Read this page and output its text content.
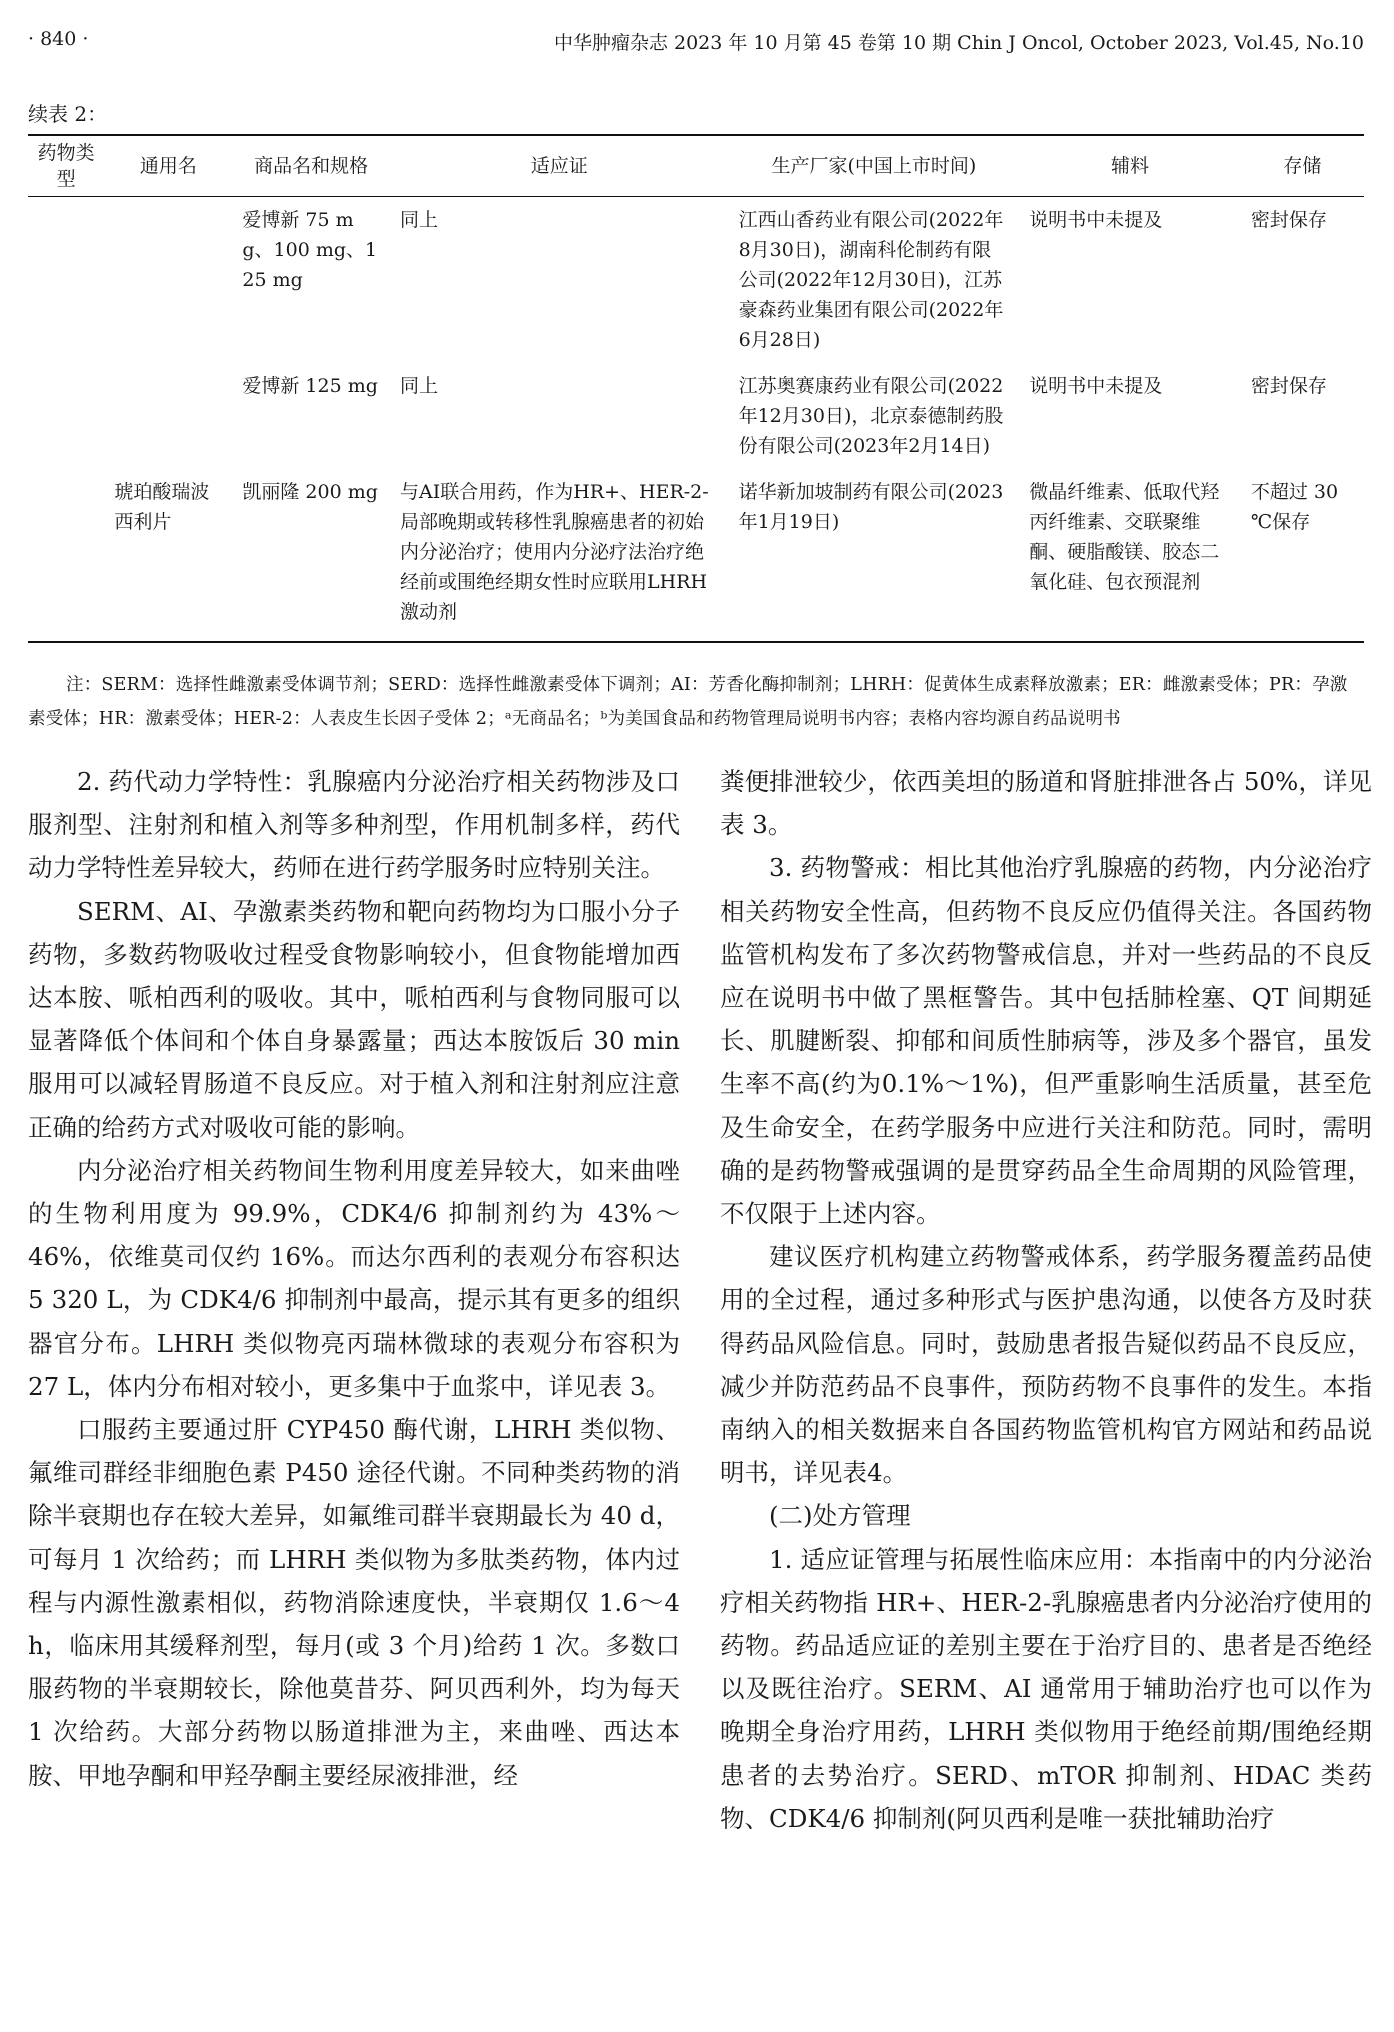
· 840 ·	中华肿瘤杂志 2023 年 10 月第 45 卷第 10 期 Chin J Oncol, October 2023, Vol.45, No.10
续表 2：
药物类型	通用名	商品名和规格	适应证	生产厂家(中国上市时间)	辅料	存储
		爱博新 75 mg、100 mg、125 mg	同上	江西山香药业有限公司(2022年8月30日)，湖南科伦制药有限公司(2022年12月30日)，江苏豪森药业集团有限公司(2022年6月28日)	说明书中未提及	密封保存
		爱博新 125 mg	同上	江苏奥赛康药业有限公司(2022年12月30日)，北京泰德制药股份有限公司(2023年2月14日)	说明书中未提及	密封保存
	琥珀酸瑞波西利片	凯丽隆 200 mg	与AI联合用药，作为HR+、HER-2-局部晚期或转移性乳腺癌患者的初始内分泌治疗；使用内分泌疗法治疗绝经前或围绝经期女性时应联用LHRH激动剂	诺华新加坡制药有限公司(2023年1月19日)	微晶纤维素、低取代羟丙纤维素、交联聚维酮、硬脂酸镁、胶态二氧化硅、包衣预混剂	不超过 30 ℃保存
注：SERM：选择性雌激素受体调节剂；SERD：选择性雌激素受体下调剂；AI：芳香化酶抑制剂；LHRH：促黄体生成素释放激素；ER：雌激素受体；PR：孕激素受体；HR：激素受体；HER-2：人表皮生长因子受体 2；ᵃ无商品名；ᵇ为美国食品和药物管理局说明书内容；表格内容均源自药品说明书

2. 药代动力学特性：乳腺癌内分泌治疗相关药物涉及口服剂型、注射剂和植入剂等多种剂型，作用机制多样，药代动力学特性差异较大，药师在进行药学服务时应特别关注。

SERM、AI、孕激素类药物和靶向药物均为口服小分子药物，多数药物吸收过程受食物影响较小，但食物能增加西达本胺、哌柏西利的吸收。其中，哌柏西利与食物同服可以显著降低个体间和个体自身暴露量；西达本胺饭后 30 min 服用可以减轻胃肠道不良反应。对于植入剂和注射剂应注意正确的给药方式对吸收可能的影响。

内分泌治疗相关药物间生物利用度差异较大，如来曲唑的生物利用度为 99.9%，CDK4/6 抑制剂约为 43%～46%，依维莫司仅约 16%。而达尔西利的表观分布容积达 5 320 L，为 CDK4/6 抑制剂中最高，提示其有更多的组织器官分布。LHRH 类似物亮丙瑞林微球的表观分布容积为 27 L，体内分布相对较小，更多集中于血浆中，详见表 3。

口服药主要通过肝 CYP450 酶代谢，LHRH 类似物、氟维司群经非细胞色素 P450 途径代谢。不同种类药物的消除半衰期也存在较大差异，如氟维司群半衰期最长为 40 d，可每月 1 次给药；而 LHRH 类似物为多肽类药物，体内过程与内源性激素相似，药物消除速度快，半衰期仅 1.6～4 h，临床用其缓释剂型，每月(或 3 个月)给药 1 次。多数口服药物的半衰期较长，除他莫昔芬、阿贝西利外，均为每天 1 次给药。大部分药物以肠道排泄为主，来曲唑、西达本胺、甲地孕酮和甲羟孕酮主要经尿液排泄，经

粪便排泄较少，依西美坦的肠道和肾脏排泄各占 50%，详见表 3。

3. 药物警戒：相比其他治疗乳腺癌的药物，内分泌治疗相关药物安全性高，但药物不良反应仍值得关注。各国药物监管机构发布了多次药物警戒信息，并对一些药品的不良反应在说明书中做了黑框警告。其中包括肺栓塞、QT 间期延长、肌腱断裂、抑郁和间质性肺病等，涉及多个器官，虽发生率不高(约为0.1%～1%)，但严重影响生活质量，甚至危及生命安全，在药学服务中应进行关注和防范。同时，需明确的是药物警戒强调的是贯穿药品全生命周期的风险管理，不仅限于上述内容。

建议医疗机构建立药物警戒体系，药学服务覆盖药品使用的全过程，通过多种形式与医护患沟通，以使各方及时获得药品风险信息。同时，鼓励患者报告疑似药品不良反应，减少并防范药品不良事件，预防药物不良事件的发生。本指南纳入的相关数据来自各国药物监管机构官方网站和药品说明书，详见表4。

(二)处方管理

1. 适应证管理与拓展性临床应用：本指南中的内分泌治疗相关药物指 HR+、HER-2-乳腺癌患者内分泌治疗使用的药物。药品适应证的差别主要在于治疗目的、患者是否绝经以及既往治疗。SERM、AI 通常用于辅助治疗也可以作为晚期全身治疗用药，LHRH 类似物用于绝经前期/围绝经期患者的去势治疗。SERD、mTOR 抑制剂、HDAC 类药物、CDK4/6 抑制剂(阿贝西利是唯一获批辅助治疗
